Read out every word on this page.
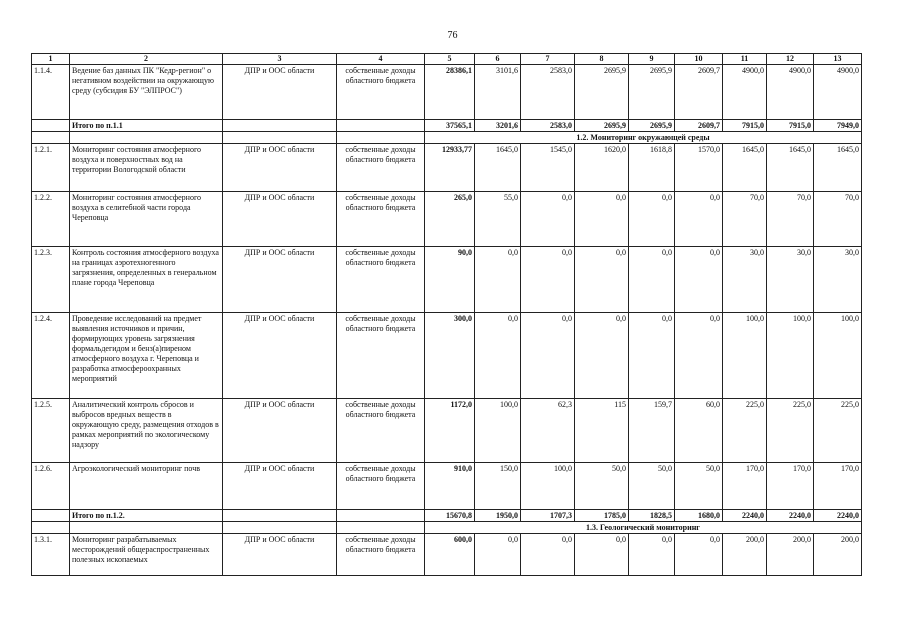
76
1	2	3	4	5	6	7	8	9	10	11	12	13
1.1.4.	Ведение баз данных ПК "Кедр-регион" о негативном воздействии на окружающую среду (субсидия БУ "ЭЛПРОС")	ДПР и ООС области	собственные доходы областного бюджета	28386,1	3101,6	2583,0	2695,9	2695,9	2609,7	4900,0	4900,0	4900,0
	Итого по п.1.1			37565,1	3201,6	2583,0	2695,9	2695,9	2609,7	7915,0	7915,0	7949,0
				1.2. Мониторинг окружающей среды								
1.2.1.	Мониторинг состояния атмосферного воздуха и поверхностных вод на территории Вологодской области	ДПР и ООС области	собственные доходы областного бюджета	12933,77	1645,0	1545,0	1620,0	1618,8	1570,0	1645,0	1645,0	1645,0
1.2.2.	Мониторинг состояния атмосферного воздуха в селитебной части города Череповца	ДПР и ООС области	собственные доходы областного бюджета	265,0	55,0	0,0	0,0	0,0	0,0	70,0	70,0	70,0
1.2.3.	Контроль состояния атмосферного воздуха на границах аэротехногенного загрязнения, определенных в генеральном плане города Череповца	ДПР и ООС области	собственные доходы областного бюджета	90,0	0,0	0,0	0,0	0,0	0,0	30,0	30,0	30,0
1.2.4.	Проведение исследований на предмет выявления источников и причин, формирующих уровень загрязнения формальдегидом и бенз(а)пиреном атмосферного воздуха г. Череповца и разработка атмосфероохранных мероприятий	ДПР и ООС области	собственные доходы областного бюджета	300,0	0,0	0,0	0,0	0,0	0,0	100,0	100,0	100,0
1.2.5.	Аналитический контроль сбросов и выбросов вредных веществ в окружающую среду, размещения отходов в рамках мероприятий по экологическому надзору	ДПР и ООС области	собственные доходы областного бюджета	1172,0	100,0	62,3	115	159,7	60,0	225,0	225,0	225,0
1.2.6.	Агроэкологический мониторинг почв	ДПР и ООС области	собственные доходы областного бюджета	910,0	150,0	100,0	50,0	50,0	50,0	170,0	170,0	170,0
	Итого по п.1.2.			15670,8	1950,0	1707,3	1785,0	1828,5	1680,0	2240,0	2240,0	2240,0
				1.3. Геологический мониторинг								
1.3.1.	Мониторинг разрабатываемых месторождений общераспространенных полезных ископаемых	ДПР и ООС области	собственные доходы областного бюджета	600,0	0,0	0,0	0,0	0,0	0,0	200,0	200,0	200,0
